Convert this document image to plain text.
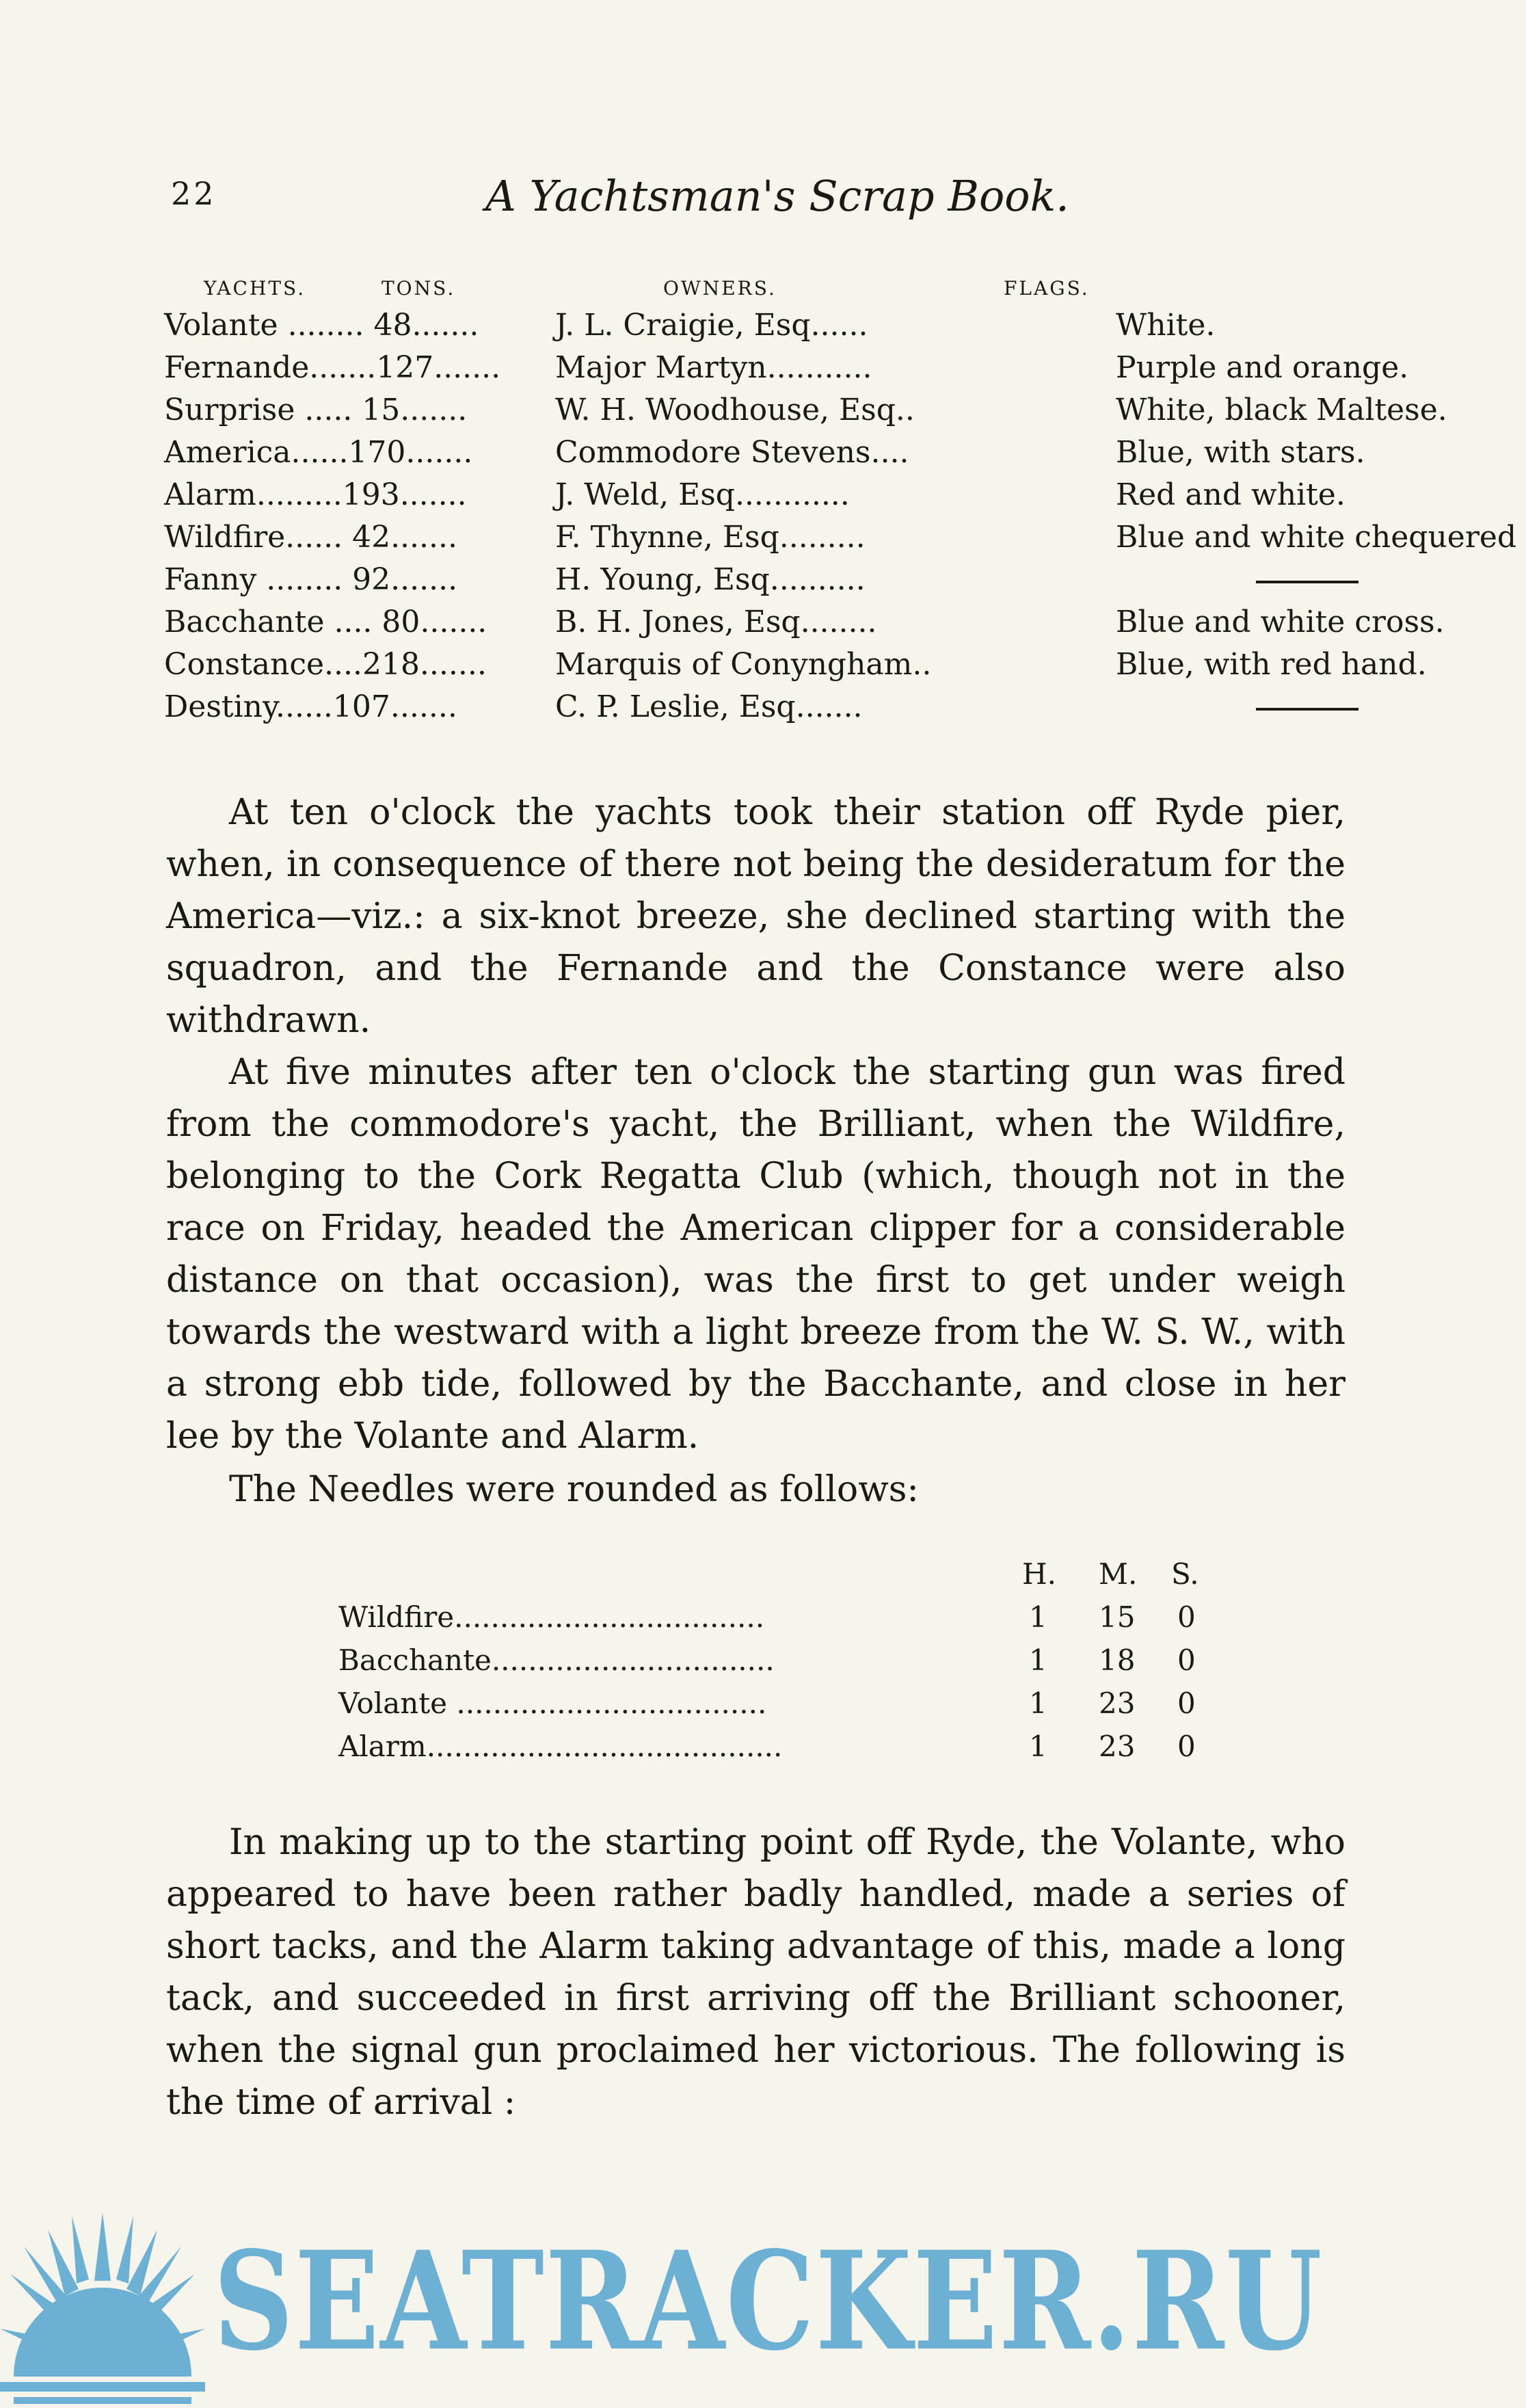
22	A Yachtsman's Scrap Book.
YACHTS.	TONS.	OWNERS.	FLAGS.
Volante ........ 48.......	J. L. Craigie, Esq......	White.
Fernande.......127.......	Major Martyn...........	Purple and orange.
Surprise ..... 15.......	W. H. Woodhouse, Esq..	White, black Maltese.
America......170.......	Commodore Stevens....	Blue, with stars.
Alarm.........193.......	J. Weld, Esq............	Red and white.
Wildfire...... 42.......	F. Thynne, Esq.........	Blue and white chequered
Fanny ........ 92.......	H. Young, Esq..........
Bacchante .... 80.......	B. H. Jones, Esq........	Blue and white cross.
Constance....218.......	Marquis of Conyngham..	Blue, with red hand.
Destiny......107.......	C. P. Leslie, Esq.......

At ten o'clock the yachts took their station off Ryde pier, when, in consequence of there not being the desideratum for the America—viz.: a six-knot breeze, she declined starting with the squadron, and the Fernande and the Constance were also withdrawn.

At five minutes after ten o'clock the starting gun was fired from the commodore's yacht, the Brilliant, when the Wildfire, belonging to the Cork Regatta Club (which, though not in the race on Friday, headed the American clipper for a considerable distance on that occasion), was the first to get under weigh towards the westward with a light breeze from the W. S. W., with a strong ebb tide, followed by the Bacchante, and close in her lee by the Volante and Alarm.

The Needles were rounded as follows:

H. M. S.
Wildfire..................................	1 15 0
Bacchante...............................	1 18 0
Volante ..................................	1 23 0
Alarm.......................................	1 23 0

In making up to the starting point off Ryde, the Volante, who appeared to have been rather badly handled, made a series of short tacks, and the Alarm taking advantage of this, made a long tack, and succeeded in first arriving off the Brilliant schooner, when the signal gun proclaimed her victorious. The following is the time of arrival :

SEATRACKER.RU
